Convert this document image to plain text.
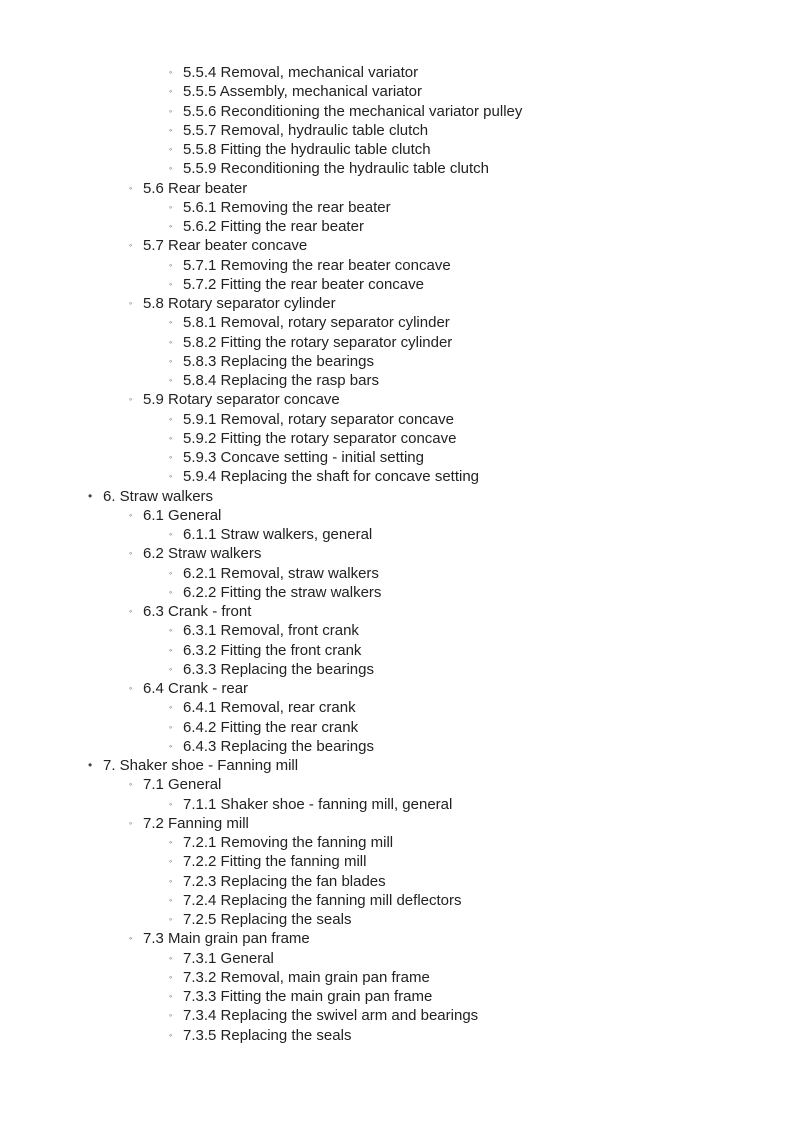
◦ 5.5.4 Removal, mechanical variator
◦ 5.5.5 Assembly, mechanical variator
◦ 5.5.6 Reconditioning the mechanical variator pulley
◦ 5.5.7 Removal, hydraulic table clutch
◦ 5.5.8 Fitting the hydraulic table clutch
◦ 5.5.9 Reconditioning the hydraulic table clutch
◦ 5.6 Rear beater
◦ 5.6.1 Removing the rear beater
◦ 5.6.2 Fitting the rear beater
◦ 5.7 Rear beater concave
◦ 5.7.1 Removing the rear beater concave
◦ 5.7.2 Fitting the rear beater concave
◦ 5.8 Rotary separator cylinder
◦ 5.8.1 Removal, rotary separator cylinder
◦ 5.8.2 Fitting the rotary separator cylinder
◦ 5.8.3 Replacing the bearings
◦ 5.8.4 Replacing the rasp bars
◦ 5.9 Rotary separator concave
◦ 5.9.1 Removal, rotary separator concave
◦ 5.9.2 Fitting the rotary separator concave
◦ 5.9.3 Concave setting - initial setting
◦ 5.9.4 Replacing the shaft for concave setting
• 6. Straw walkers
◦ 6.1 General
◦ 6.1.1 Straw walkers, general
◦ 6.2 Straw walkers
◦ 6.2.1 Removal, straw walkers
◦ 6.2.2 Fitting the straw walkers
◦ 6.3 Crank - front
◦ 6.3.1 Removal, front crank
◦ 6.3.2 Fitting the front crank
◦ 6.3.3 Replacing the bearings
◦ 6.4 Crank - rear
◦ 6.4.1 Removal, rear crank
◦ 6.4.2 Fitting the rear crank
◦ 6.4.3 Replacing the bearings
• 7. Shaker shoe - Fanning mill
◦ 7.1 General
◦ 7.1.1 Shaker shoe - fanning mill, general
◦ 7.2 Fanning mill
◦ 7.2.1 Removing the fanning mill
◦ 7.2.2 Fitting the fanning mill
◦ 7.2.3 Replacing the fan blades
◦ 7.2.4 Replacing the fanning mill deflectors
◦ 7.2.5 Replacing the seals
◦ 7.3 Main grain pan frame
◦ 7.3.1 General
◦ 7.3.2 Removal, main grain pan frame
◦ 7.3.3 Fitting the main grain pan frame
◦ 7.3.4 Replacing the swivel arm and bearings
◦ 7.3.5 Replacing the seals
